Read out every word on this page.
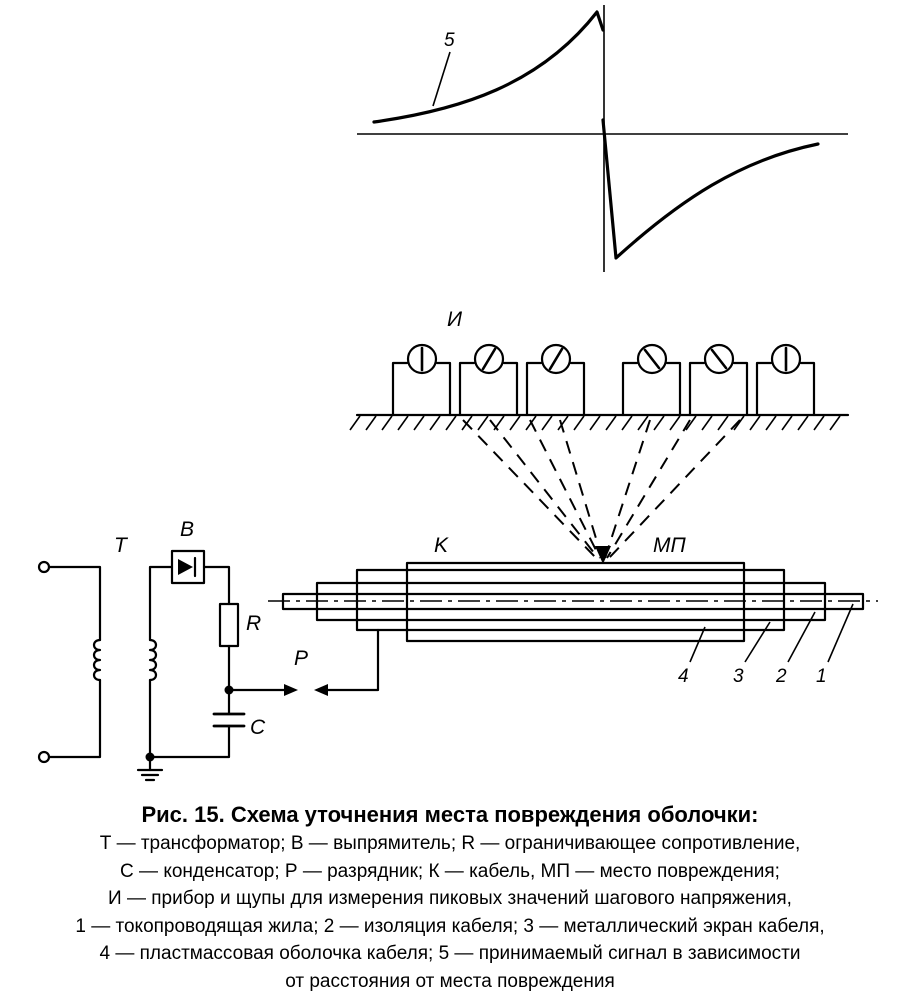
5
И
K	МП
4 3 2 1
T
B
R
C
P

Рис. 15. Схема уточнения места повреждения оболочки:

Т — трансформатор; В — выпрямитель; R — ограничивающее сопротивление,

С — конденсатор; Р — разрядник; К — кабель, МП — место повреждения;

И — прибор и щупы для измерения пиковых значений шагового напряжения,

1 — токопроводящая жила; 2 — изоляция кабеля; 3 — металлический экран кабеля,

4 — пластмассовая оболочка кабеля; 5 — принимаемый сигнал в зависимости

от расстояния от места повреждения
